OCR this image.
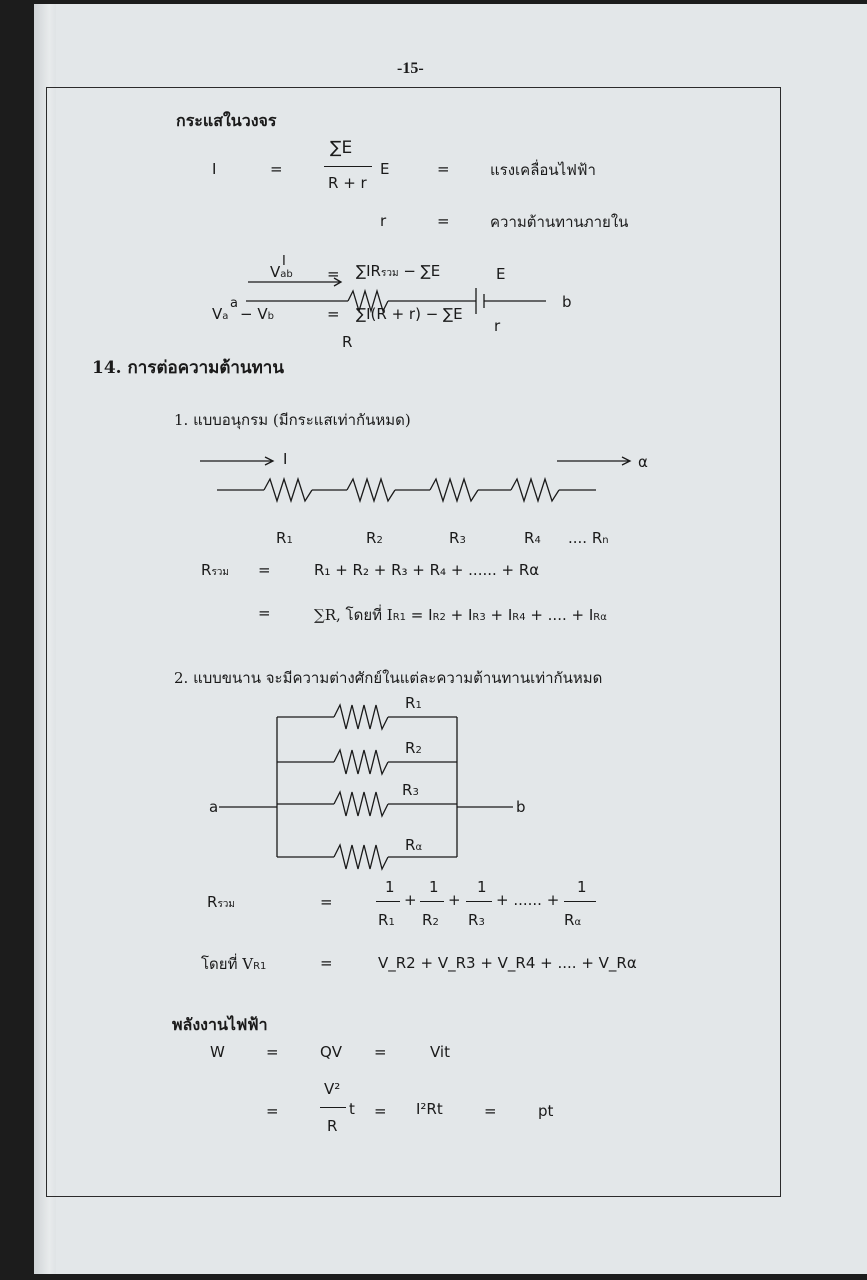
-15-
กระแสในวงจร
I	=
∑E
R + r
E	=	แรงเคลื่อนไฟฟ้า
r	=	ความต้านทานภายใน
I
Vab = ∑IRรวม − ∑E	E
Va
a
− Vb	= ∑I(R + r) − ∑E
b
r
R
14. การต่อความต้านทาน
1. แบบอนุกรม (มีกระแสเท่ากันหมด)
I	α
R1	R2	R3	R4 .... Rn
Rรวม =	R₁ + R₂ + R₃ + R₄ + ...... + Rα
=	∑R, โดยที่ IR1 = IR2 + IR3 + IR4 + .... + IRα
2. แบบขนาน จะมีความต่างศักย์ในแต่ละความต้านทานเท่ากันหมด
R1
R2
R3
Rα
a	b
Rรวม	=
1
R1
+
1
R2
+
1
R3
+ ...... +
1
Rα
โดยที่ VR1	=	V_R2 + V_R3 + V_R4 + .... + V_Rα
พลังงานไฟฟ้า
W	=	QV =	Vit
=
V²
t
R
= I²Rt	=	pt
